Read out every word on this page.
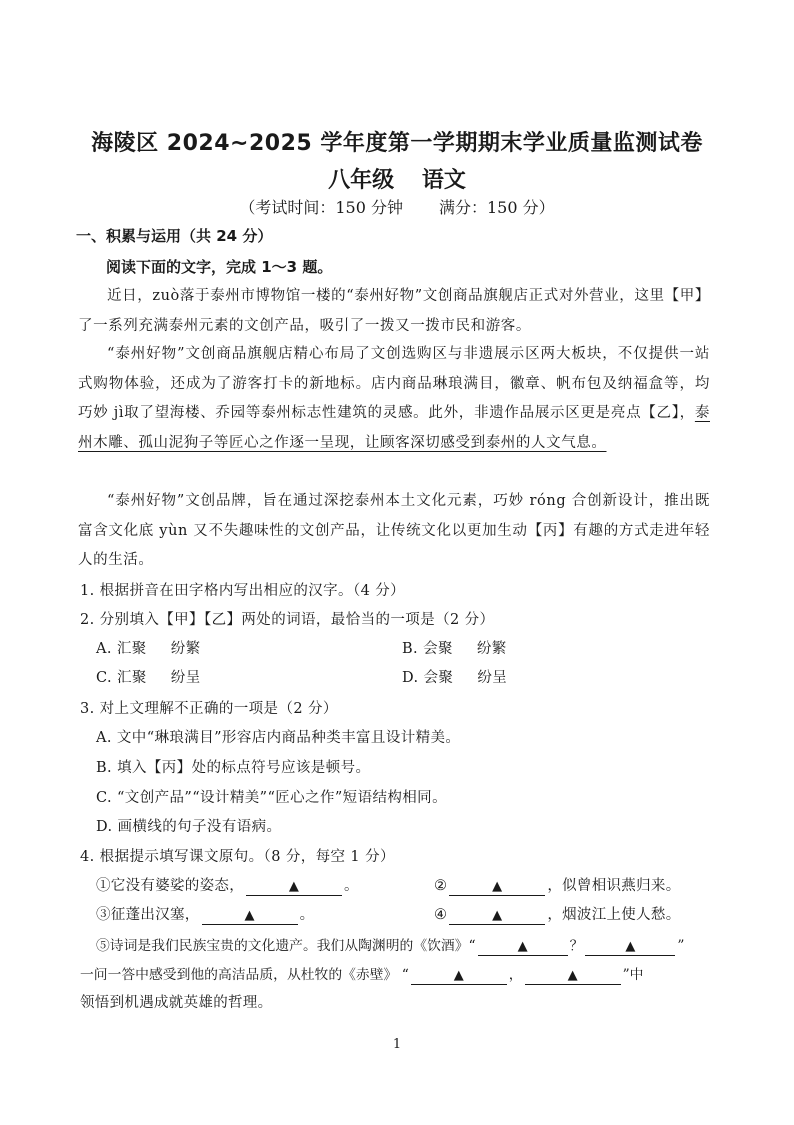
海陵区 2024~2025 学年度第一学期期末学业质量监测试卷
八年级 语文
（考试时间：150 分钟 满分：150 分）
一、积累与运用（共 24 分）
阅读下面的文字，完成 1～3 题。

近日，zuò落于泰州市博物馆一楼的“泰州好物”文创商品旗舰店正式对外营业，这里【甲】了一系列充满泰州元素的文创产品，吸引了一拨又一拨市民和游客。

“泰州好物”文创商品旗舰店精心布局了文创选购区与非遗展示区两大板块，不仅提供一站式购物体验，还成为了游客打卡的新地标。店内商品琳琅满目，徽章、帆布包及纳福盒等，均巧妙 jì取了望海楼、乔园等泰州标志性建筑的灵感。此外，非遗作品展示区更是亮点【乙】，泰州木雕、孤山泥狗子等匠心之作逐一呈现，让顾客深切感受到泰州的人文气息。

“泰州好物”文创品牌，旨在通过深挖泰州本土文化元素，巧妙 róng 合创新设计，推出既富含文化底 yùn 又不失趣味性的文创产品，让传统文化以更加生动【丙】有趣的方式走进年轻人的生活。

1. 根据拼音在田字格内写出相应的汉字。（4 分）
2. 分别填入【甲】【乙】两处的词语，最恰当的一项是（2 分）
A. 汇聚 纷繁	B. 会聚 纷繁
C. 汇聚 纷呈	D. 会聚 纷呈
3. 对上文理解不正确的一项是（2 分）
A. 文中“琳琅满目”形容店内商品种类丰富且设计精美。
B. 填入【丙】处的标点符号应该是顿号。
C. “文创产品”“设计精美”“匠心之作”短语结构相同。
D. 画横线的句子没有语病。
4. 根据提示填写课文原句。（8 分，每空 1 分）
①它没有婆娑的姿态，	▲	。	②	▲	，似曾相识燕归来。
③征蓬出汉塞，	▲	。	④	▲	，烟波江上使人愁。
⑤诗词是我们民族宝贵的文化遗产。我们从陶渊明的《饮酒》“	▲	？	▲	”
一问一答中感受到他的高洁品质，从杜牧的《赤壁》 “	▲	，	▲	”中
领悟到机遇成就英雄的哲理。
1
